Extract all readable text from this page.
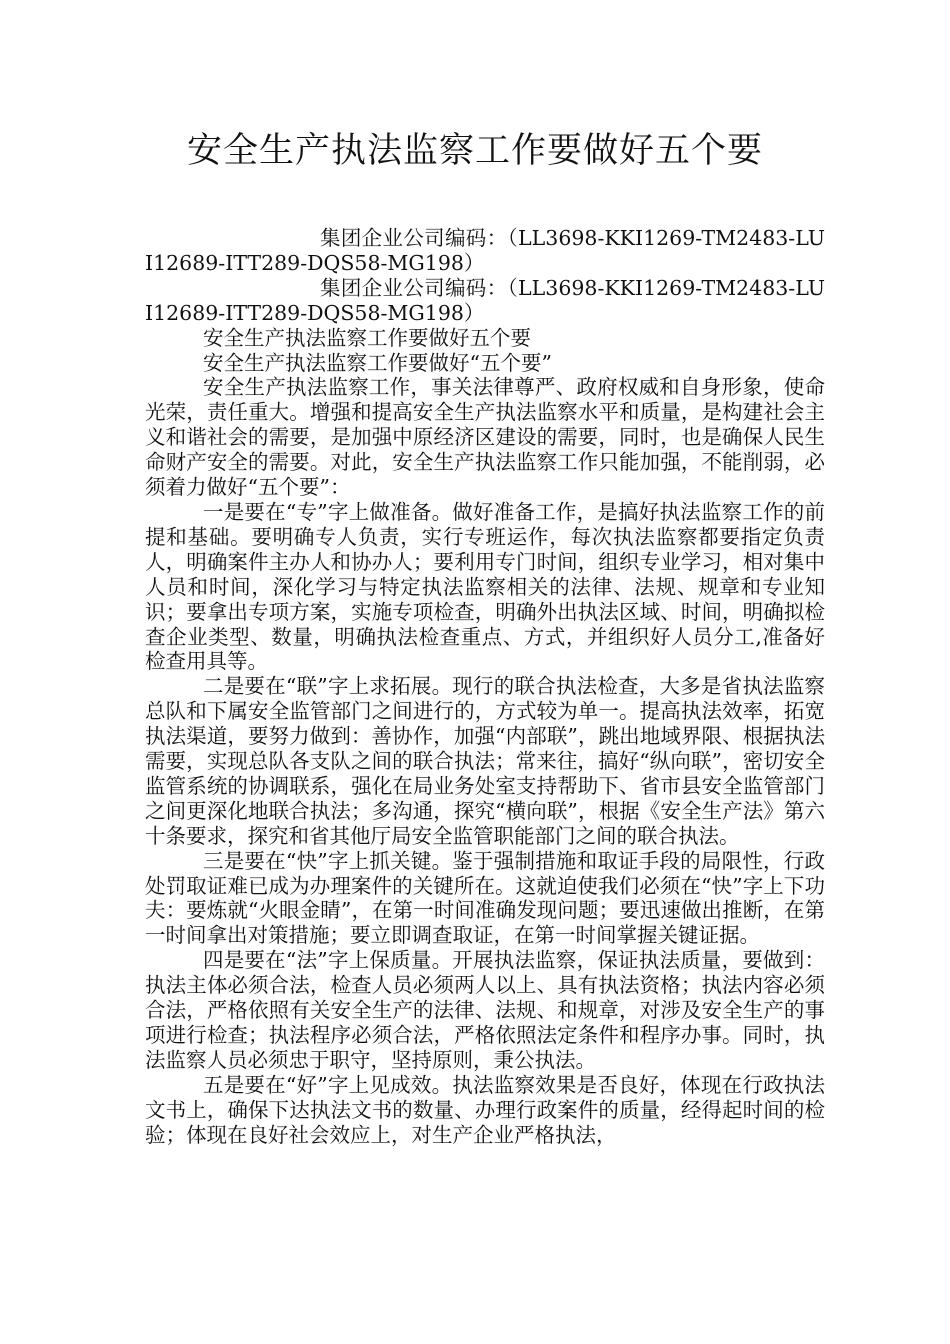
安全生产执法监察工作要做好五个要

集团企业公司编码：（LL3698-KKI1269-TM2483-LUI12689-ITT289-DQS58-MG198）

集团企业公司编码：（LL3698-KKI1269-TM2483-LUI12689-ITT289-DQS58-MG198）

安全生产执法监察工作要做好五个要

安全生产执法监察工作要做好“五个要”

安全生产执法监察工作，事关法律尊严、政府权威和自身形象，使命光荣，责任重大。增强和提高安全生产执法监察水平和质量，是构建社会主义和谐社会的需要，是加强中原经济区建设的需要，同时，也是确保人民生命财产安全的需要。对此，安全生产执法监察工作只能加强，不能削弱，必须着力做好“五个要”：

一是要在“专”字上做准备。做好准备工作，是搞好执法监察工作的前提和基础。要明确专人负责，实行专班运作，每次执法监察都要指定负责人，明确案件主办人和协办人；要利用专门时间，组织专业学习，相对集中人员和时间，深化学习与特定执法监察相关的法律、法规、规章和专业知识；要拿出专项方案，实施专项检查，明确外出执法区域、时间，明确拟检查企业类型、数量，明确执法检查重点、方式，并组织好人员分工,准备好检查用具等。

二是要在“联”字上求拓展。现行的联合执法检查，大多是省执法监察总队和下属安全监管部门之间进行的，方式较为单一。提高执法效率，拓宽执法渠道，要努力做到：善协作，加强“内部联”，跳出地域界限、根据执法需要，实现总队各支队之间的联合执法；常来往，搞好“纵向联”，密切安全监管系统的协调联系，强化在局业务处室支持帮助下、省市县安全监管部门之间更深化地联合执法；多沟通，探究“横向联”，根据《安全生产法》第六十条要求，探究和省其他厅局安全监管职能部门之间的联合执法。

三是要在“快”字上抓关键。鉴于强制措施和取证手段的局限性，行政处罚取证难已成为办理案件的关键所在。这就迫使我们必须在“快”字上下功夫：要炼就“火眼金睛”，在第一时间准确发现问题；要迅速做出推断，在第一时间拿出对策措施；要立即调查取证，在第一时间掌握关键证据。

四是要在“法”字上保质量。开展执法监察，保证执法质量，要做到：执法主体必须合法，检查人员必须两人以上、具有执法资格；执法内容必须合法，严格依照有关安全生产的法律、法规、和规章，对涉及安全生产的事项进行检查；执法程序必须合法，严格依照法定条件和程序办事。同时，执法监察人员必须忠于职守，坚持原则，秉公执法。

五是要在“好”字上见成效。执法监察效果是否良好，体现在行政执法文书上，确保下达执法文书的数量、办理行政案件的质量，经得起时间的检验；体现在良好社会效应上，对生产企业严格执法，
